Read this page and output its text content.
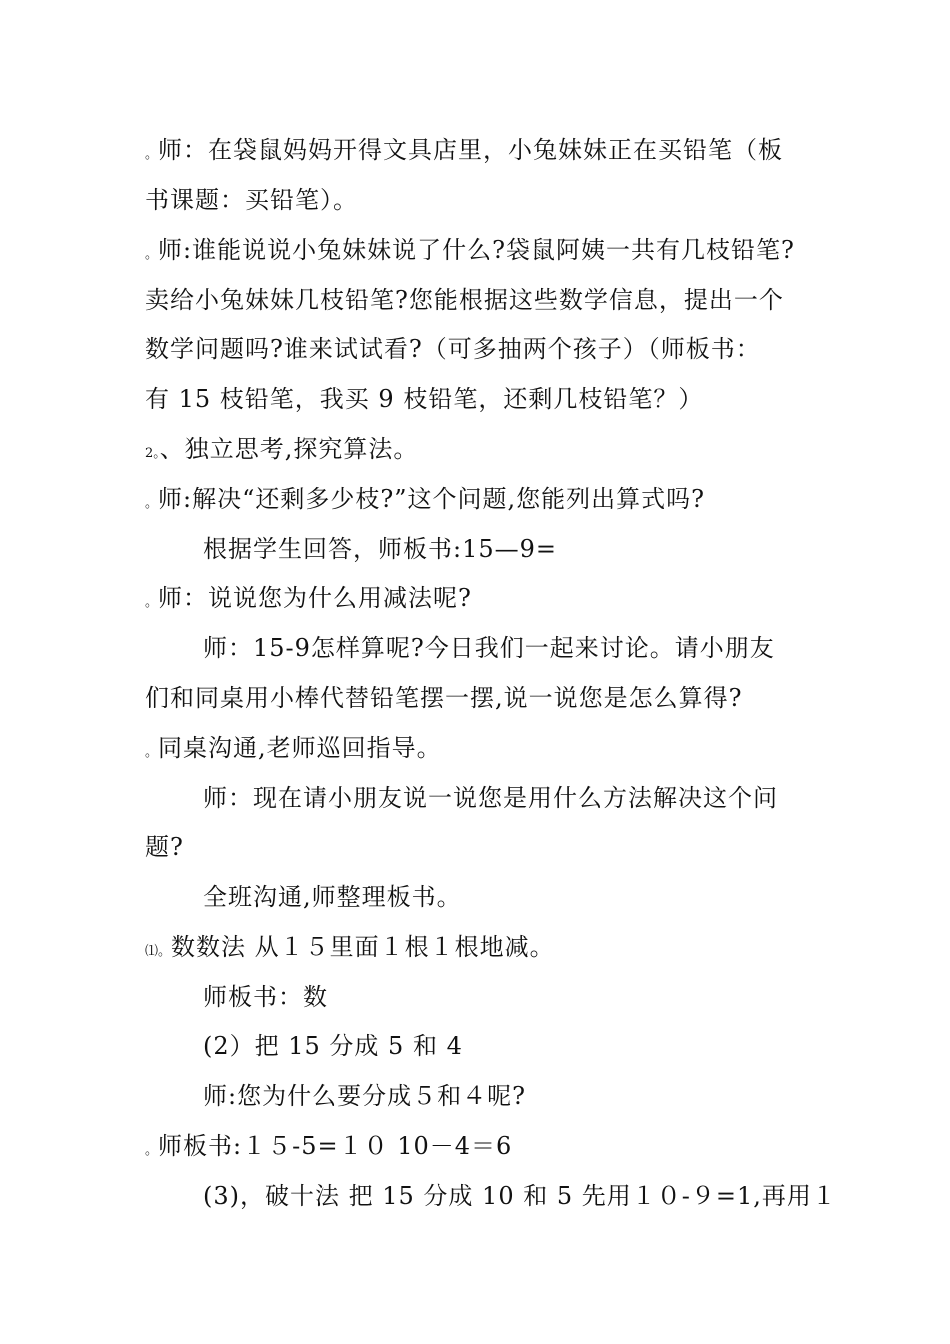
。师：在袋鼠妈妈开得文具店里，小兔妹妹正在买铅笔（板
书课题：买铅笔）。
。师:谁能说说小兔妹妹说了什么?袋鼠阿姨一共有几枝铅笔?
卖给小兔妹妹几枝铅笔?您能根据这些数学信息，提出一个
数学问题吗?谁来试试看?（可多抽两个孩子）（师板书：
有 15 枝铅笔，我买 9 枝铅笔，还剩几枝铅笔？）
2。、独立思考,探究算法。
。师:解决“还剩多少枝?”这个问题,您能列出算式吗?
根据学生回答，师板书:15—9=
。师：说说您为什么用减法呢?
师：15-9怎样算呢?今日我们一起来讨论。请小朋友
们和同桌用小棒代替铅笔摆一摆,说一说您是怎么算得?
。同桌沟通,老师巡回指导。
师：现在请小朋友说一说您是用什么方法解决这个问
题?
全班沟通,师整理板书。
⑴。数数法 从１５里面１根１根地减。
师板书：数
(2）把 15 分成 5 和 4
师:您为什么要分成５和４呢?
。师板书:１５-5=１０ 10－4＝6
(3)，破十法 把 15 分成 10 和 5 先用１０-９=1,再用１
